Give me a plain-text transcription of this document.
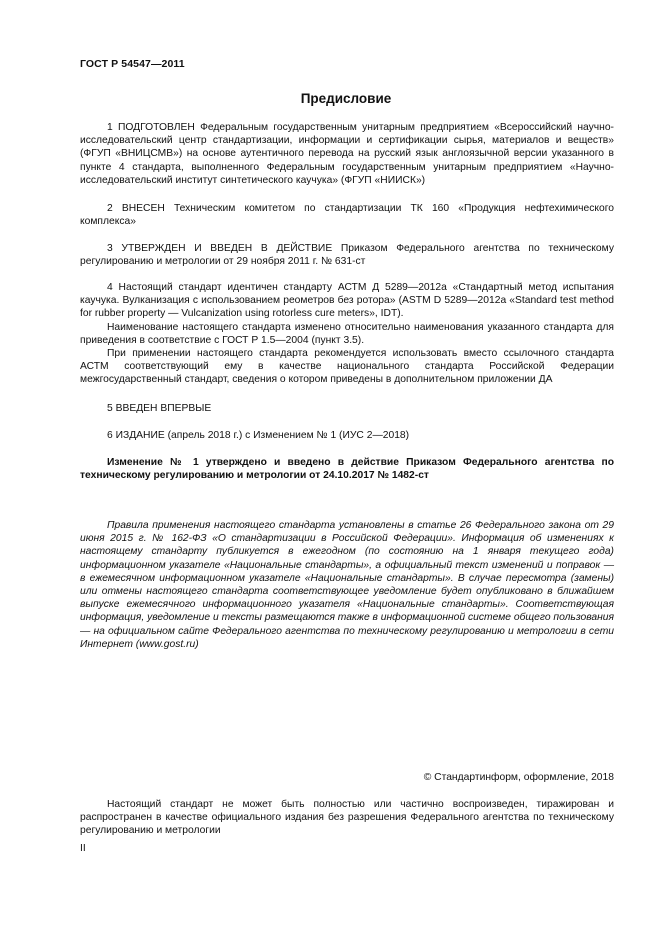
ГОСТ Р 54547—2011
Предисловие

1 ПОДГОТОВЛЕН Федеральным государственным унитарным предприятием «Всероссийский научно-исследовательский центр стандартизации, информации и сертификации сырья, материалов и веществ» (ФГУП «ВНИЦСМВ») на основе аутентичного перевода на русский язык англоязычной версии указанного в пункте 4 стандарта, выполненного Федеральным государственным унитарным предприятием «Научно-исследовательский институт синтетического каучука» (ФГУП «НИИСК»)

2 ВНЕСЕН Техническим комитетом по стандартизации ТК 160 «Продукция нефтехимического комплекса»

3 УТВЕРЖДЕН И ВВЕДЕН В ДЕЙСТВИЕ Приказом Федерального агентства по техническому регулированию и метрологии от 29 ноября 2011 г. № 631-ст

4 Настоящий стандарт идентичен стандарту АСТМ Д 5289—2012а «Стандартный метод испытания каучука. Вулканизация с использованием реометров без ротора» (ASTM D 5289—2012a «Standard test method for rubber property — Vulcanization using rotorless cure meters», IDT).

Наименование настоящего стандарта изменено относительно наименования указанного стандарта для приведения в соответствие с ГОСТ Р 1.5—2004 (пункт 3.5).

При применении настоящего стандарта рекомендуется использовать вместо ссылочного стандарта АСТМ соответствующий ему в качестве национального стандарта Российской Федерации межгосударственный стандарт, сведения о котором приведены в дополнительном приложении ДА

5 ВВЕДЕН ВПЕРВЫЕ

6 ИЗДАНИЕ (апрель 2018 г.) с Изменением № 1 (ИУС 2—2018)

Изменение № 1 утверждено и введено в действие Приказом Федерального агентства по техническому регулированию и метрологии от 24.10.2017 № 1482-ст

Правила применения настоящего стандарта установлены в статье 26 Федерального закона от 29 июня 2015 г. № 162-ФЗ «О стандартизации в Российской Федерации». Информация об изменениях к настоящему стандарту публикуется в ежегодном (по состоянию на 1 января текущего года) информационном указателе «Национальные стандарты», а официальный текст изменений и поправок — в ежемесячном информационном указателе «Национальные стандарты». В случае пересмотра (замены) или отмены настоящего стандарта соответствующее уведомление будет опубликовано в ближайшем выпуске ежемесячного информационного указателя «Национальные стандарты». Соответствующая информация, уведомление и тексты размещаются также в информационной системе общего пользования — на официальном сайте Федерального агентства по техническому регулированию и метрологии в сети Интернет (www.gost.ru)

© Стандартинформ, оформление, 2018

Настоящий стандарт не может быть полностью или частично воспроизведен, тиражирован и распространен в качестве официального издания без разрешения Федерального агентства по техническому регулированию и метрологии

II
